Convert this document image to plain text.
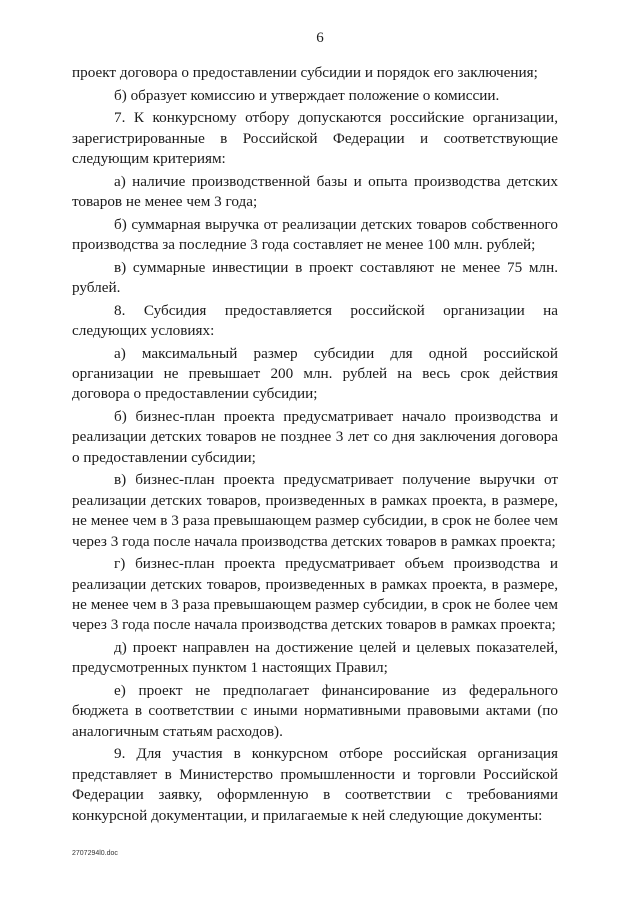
6

проект договора о предоставлении субсидии и порядок его заключения;

б) образует комиссию и утверждает положение о комиссии.

7. К конкурсному отбору допускаются российские организации, зарегистрированные в Российской Федерации и соответствующие следующим критериям:

а) наличие производственной базы и опыта производства детских товаров не менее чем 3 года;

б) суммарная выручка от реализации детских товаров собственного производства за последние 3 года составляет не менее 100 млн. рублей;

в) суммарные инвестиции в проект составляют не менее 75 млн. рублей.

8. Субсидия предоставляется российской организации на следующих условиях:

а) максимальный размер субсидии для одной российской организации не превышает 200 млн. рублей на весь срок действия договора о предоставлении субсидии;

б) бизнес-план проекта предусматривает начало производства и реализации детских товаров не позднее 3 лет со дня заключения договора о предоставлении субсидии;

в) бизнес-план проекта предусматривает получение выручки от реализации детских товаров, произведенных в рамках проекта, в размере, не менее чем в 3 раза превышающем размер субсидии, в срок не более чем через 3 года после начала производства детских товаров в рамках проекта;

г) бизнес-план проекта предусматривает объем производства и реализации детских товаров, произведенных в рамках проекта, в размере, не менее чем в 3 раза превышающем размер субсидии, в срок не более чем через 3 года после начала производства детских товаров в рамках проекта;

д) проект направлен на достижение целей и целевых показателей, предусмотренных пунктом 1 настоящих Правил;

е) проект не предполагает финансирование из федерального бюджета в соответствии с иными нормативными правовыми актами (по аналогичным статьям расходов).

9. Для участия в конкурсном отборе российская организация представляет в Министерство промышленности и торговли Российской Федерации заявку, оформленную в соответствии с требованиями конкурсной документации, и прилагаемые к ней следующие документы:

2707294l0.doc
